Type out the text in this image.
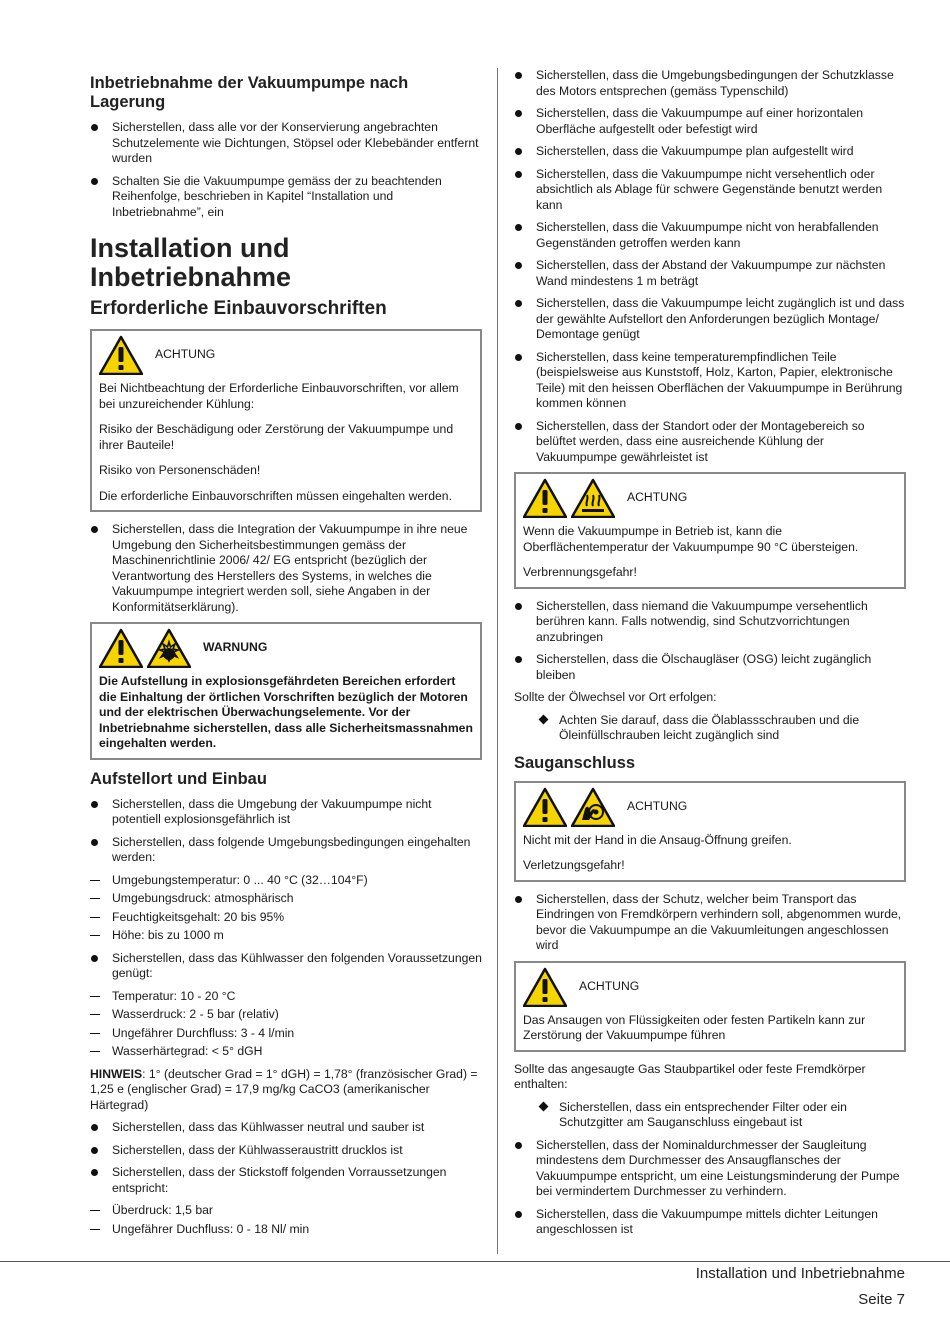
Inbetriebnahme der Vakuumpumpe nach Lagerung
Sicherstellen, dass alle vor der Konservierung angebrachten Schutzelemente wie Dichtungen, Stöpsel oder Klebebänder entfernt wurden
Schalten Sie die Vakuumpumpe gemäss der zu beachtenden Reihenfolge, beschrieben in Kapitel “Installation und Inbetriebnahme”, ein
Installation und Inbetriebnahme
Erforderliche Einbauvorschriften
ACHTUNG

Bei Nichtbeachtung der Erforderliche Einbauvorschriften, vor allem bei unzureichender Kühlung:

Risiko der Beschädigung oder Zerstörung der Vakuumpumpe und ihrer Bauteile!

Risiko von Personenschäden!

Die erforderliche Einbauvorschriften müssen eingehalten werden.

Sicherstellen, dass die Integration der Vakuumpumpe in ihre neue Umgebung den Sicherheitsbestimmungen gemäss der Maschinenrichtlinie 2006/ 42/ EG entspricht (bezüglich der Verantwortung des Herstellers des Systems, in welches die Vakuumpumpe integriert werden soll, siehe Angaben in der Konformitätserklärung).
WARNUNG

Die Aufstellung in explosionsgefährdeten Bereichen erfordert die Einhaltung der örtlichen Vorschriften bezüglich der Motoren und der elektrischen Überwachungselemente. Vor der Inbetriebnahme sicherstellen, dass alle Sicherheitsmassnahmen eingehalten werden.

Aufstellort und Einbau
Sicherstellen, dass die Umgebung der Vakuumpumpe nicht potentiell explosionsgefährlich ist
Sicherstellen, dass folgende Umgebungsbedingungen eingehalten werden:
Umgebungstemperatur: 0 ... 40 °C (32…104°F)
Umgebungsdruck: atmosphärisch
Feuchtigkeitsgehalt: 20 bis 95%
Höhe: bis zu 1000 m
Sicherstellen, dass das Kühlwasser den folgenden Voraussetzungen genügt:
Temperatur: 10 - 20 °C
Wasserdruck: 2 - 5 bar (relativ)
Ungefährer Durchfluss: 3 - 4 l/min
Wasserhärtegrad: < 5° dGH

HINWEIS: 1° (deutscher Grad = 1° dGH) = 1,78° (französischer Grad) = 1,25 e (englischer Grad) = 17,9 mg/kg CaCO3 (amerikanischer Härtegrad)

Sicherstellen, dass das Kühlwasser neutral und sauber ist
Sicherstellen, dass der Kühlwasseraustritt drucklos ist
Sicherstellen, dass der Stickstoff folgenden Vorraussetzungen entspricht:
Überdruck: 1,5 bar
Ungefährer Duchfluss: 0 - 18 Nl/ min
Sicherstellen, dass die Umgebungsbedingungen der Schutzklasse des Motors entsprechen (gemäss Typenschild)
Sicherstellen, dass die Vakuumpumpe auf einer horizontalen Oberfläche aufgestellt oder befestigt wird
Sicherstellen, dass die Vakuumpumpe plan aufgestellt wird
Sicherstellen, dass die Vakuumpumpe nicht versehentlich oder absichtlich als Ablage für schwere Gegenstände benutzt werden kann
Sicherstellen, dass die Vakuumpumpe nicht von herabfallenden Gegenständen getroffen werden kann
Sicherstellen, dass der Abstand der Vakuumpumpe zur nächsten Wand mindestens 1 m beträgt
Sicherstellen, dass die Vakuumpumpe leicht zugänglich ist und dass der gewählte Aufstellort den Anforderungen bezüglich Montage/ Demontage genügt
Sicherstellen, dass keine temperaturempfindlichen Teile (beispielsweise aus Kunststoff, Holz, Karton, Papier, elektronische Teile) mit den heissen Oberflächen der Vakuumpumpe in Berührung kommen können
Sicherstellen, dass der Standort oder der Montagebereich so belüftet werden, dass eine ausreichende Kühlung der Vakuumpumpe gewährleistet ist
ACHTUNG

Wenn die Vakuumpumpe in Betrieb ist, kann die Oberflächentemperatur der Vakuumpumpe 90 °C übersteigen.

Verbrennungsgefahr!

Sicherstellen, dass niemand die Vakuumpumpe versehentlich berühren kann. Falls notwendig, sind Schutzvorrichtungen anzubringen
Sicherstellen, dass die Ölschaugläser (OSG) leicht zugänglich bleiben

Sollte der Ölwechsel vor Ort erfolgen:

Achten Sie darauf, dass die Ölablassschrauben und die Öleinfüllschrauben leicht zugänglich sind
Sauganschluss
ACHTUNG

Nicht mit der Hand in die Ansaug-Öffnung greifen.

Verletzungsgefahr!

Sicherstellen, dass der Schutz, welcher beim Transport das Eindringen von Fremdkörpern verhindern soll, abgenommen wurde, bevor die Vakuumpumpe an die Vakuumleitungen angeschlossen wird
ACHTUNG

Das Ansaugen von Flüssigkeiten oder festen Partikeln kann zur Zerstörung der Vakuumpumpe führen

Sollte das angesaugte Gas Staubpartikel oder feste Fremdkörper enthalten:

Sicherstellen, dass ein entsprechender Filter oder ein Schutzgitter am Sauganschluss eingebaut ist
Sicherstellen, dass der Nominaldurchmesser der Saugleitung mindestens dem Durchmesser des Ansaugflansches der Vakuumpumpe entspricht, um eine Leistungsminderung der Pumpe bei vermindertem Durchmesser zu verhindern.
Sicherstellen, dass die Vakuumpumpe mittels dichter Leitungen angeschlossen ist
Installation und Inbetriebnahme
Seite 7
